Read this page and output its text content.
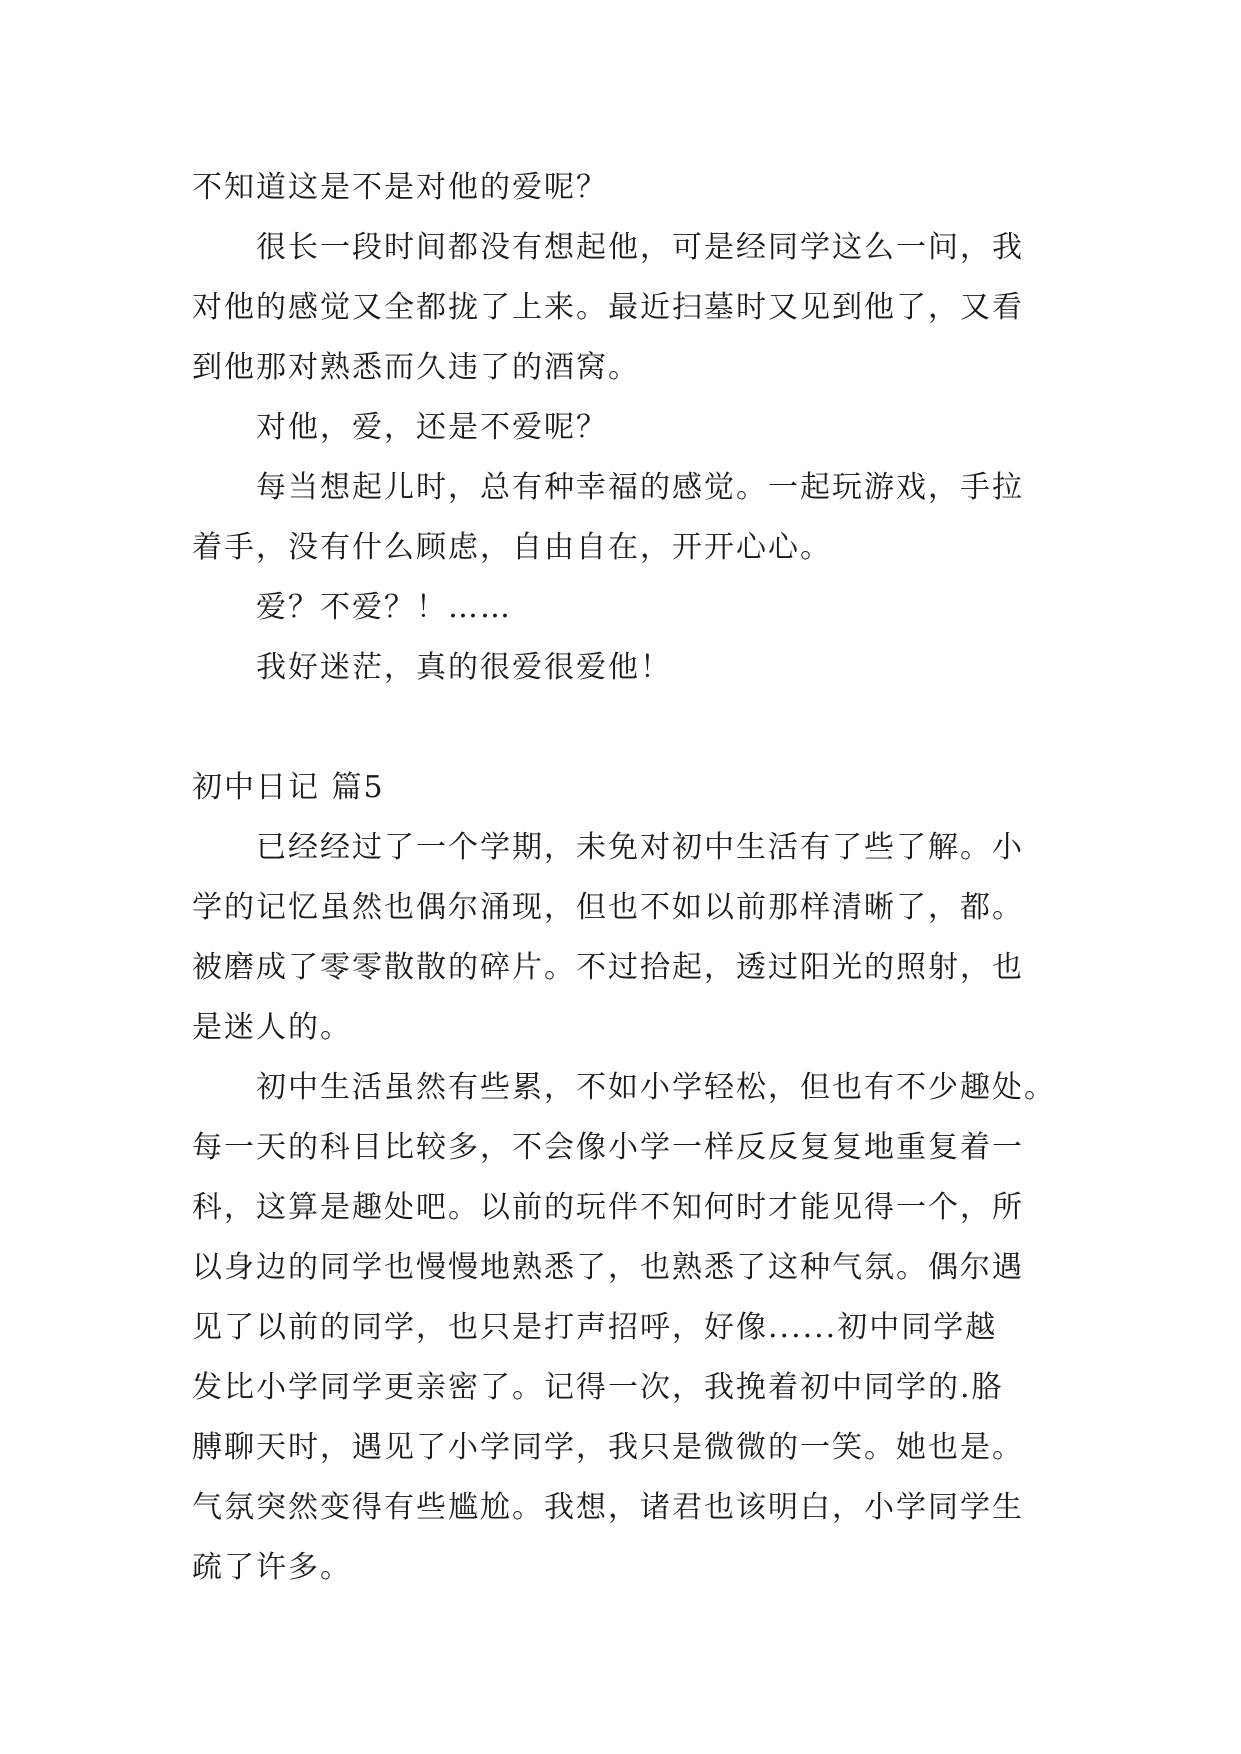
不知道这是不是对他的爱呢？
很长一段时间都没有想起他，可是经同学这么一问，我
对他的感觉又全都拢了上来。最近扫墓时又见到他了，又看
到他那对熟悉而久违了的酒窝。
对他，爱，还是不爱呢？
每当想起儿时，总有种幸福的感觉。一起玩游戏，手拉
着手，没有什么顾虑，自由自在，开开心心。
爱？不爱？！……
我好迷茫，真的很爱很爱他！
初中日记 篇5
已经经过了一个学期，未免对初中生活有了些了解。小
学的记忆虽然也偶尔涌现，但也不如以前那样清晰了，都。
被磨成了零零散散的碎片。不过拾起，透过阳光的照射，也
是迷人的。
初中生活虽然有些累，不如小学轻松，但也有不少趣处。
每一天的科目比较多，不会像小学一样反反复复地重复着一
科，这算是趣处吧。以前的玩伴不知何时才能见得一个，所
以身边的同学也慢慢地熟悉了，也熟悉了这种气氛。偶尔遇
见了以前的同学，也只是打声招呼，好像......初中同学越
发比小学同学更亲密了。记得一次，我挽着初中同学的.胳
膊聊天时，遇见了小学同学，我只是微微的一笑。她也是。
气氛突然变得有些尴尬。我想，诸君也该明白，小学同学生
疏了许多。
